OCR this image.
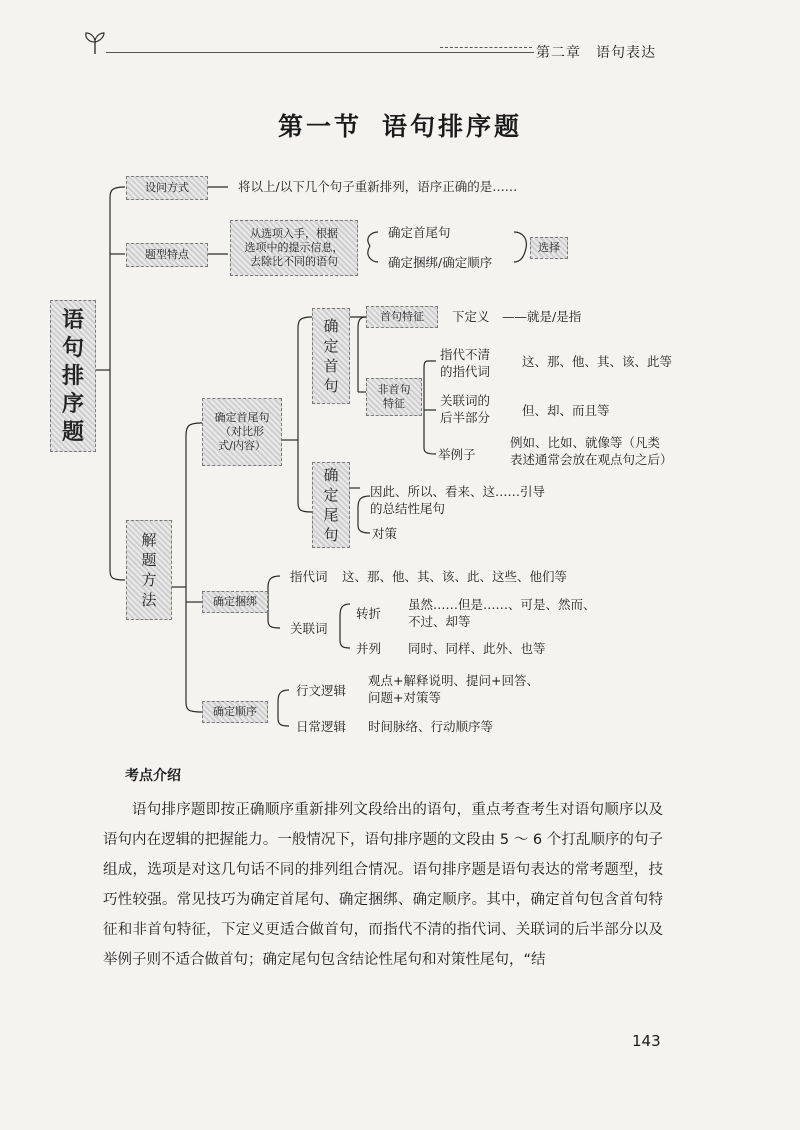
第二章　语句表达
第一节 语句排序题
语
句
排
序
题
设问方式	将以上/以下几个句子重新排列，语序正确的是……
题型特点
从选项入手，根据
选项中的提示信息，
去除比不同的语句
确定首尾句
确定捆绑/确定顺序
选择
解
题
方
法
确定首尾句
（对比形
式/内容）
确
定
首
句
首句特征	下定义　——就是/是指
非首句
特征
指代不清
的指代词
这、那、他、其、该、此等
关联词的
后半部分	但、却、而且等
举例子
例如、比如、就像等（凡类
表述通常会放在观点句之后）
确
定
尾
句
因此、所以、看来、这……引导
的总结性尾句
对策
确定捆绑
指代词 这、那、他、其、该、此、这些、他们等
关联词
转折
虽然……但是……、可是、然而、
不过、却等
并列 同时、同样、此外、也等
确定顺序
行文逻辑
观点+解释说明、提问+回答、
问题+对策等
日常逻辑 时间脉络、行动顺序等
考点介绍
语句排序题即按正确顺序重新排列文段给出的语句，重点考查考生对语句顺序以及语句内在逻辑的把握能力。一般情况下，语句排序题的文段由 5 ～ 6 个打乱顺序的句子组成，选项是对这几句话不同的排列组合情况。语句排序题是语句表达的常考题型，技巧性较强。常见技巧为确定首尾句、确定捆绑、确定顺序。其中，确定首句包含首句特征和非首句特征，下定义更适合做首句，而指代不清的指代词、关联词的后半部分以及举例子则不适合做首句；确定尾句包含结论性尾句和对策性尾句，“结
143
